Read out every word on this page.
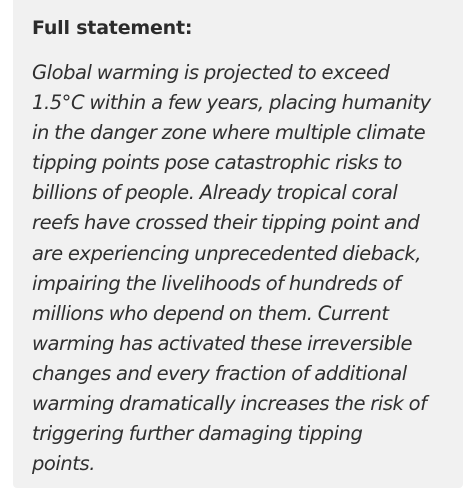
Full statement:

Global warming is projected to exceed
1.5°C within a few years, placing humanity
in the danger zone where multiple climate
tipping points pose catastrophic risks to
billions of people. Already tropical coral
reefs have crossed their tipping point and
are experiencing unprecedented dieback,
impairing the livelihoods of hundreds of
millions who depend on them. Current
warming has activated these irreversible
changes and every fraction of additional
warming dramatically increases the risk of
triggering further damaging tipping
points.
